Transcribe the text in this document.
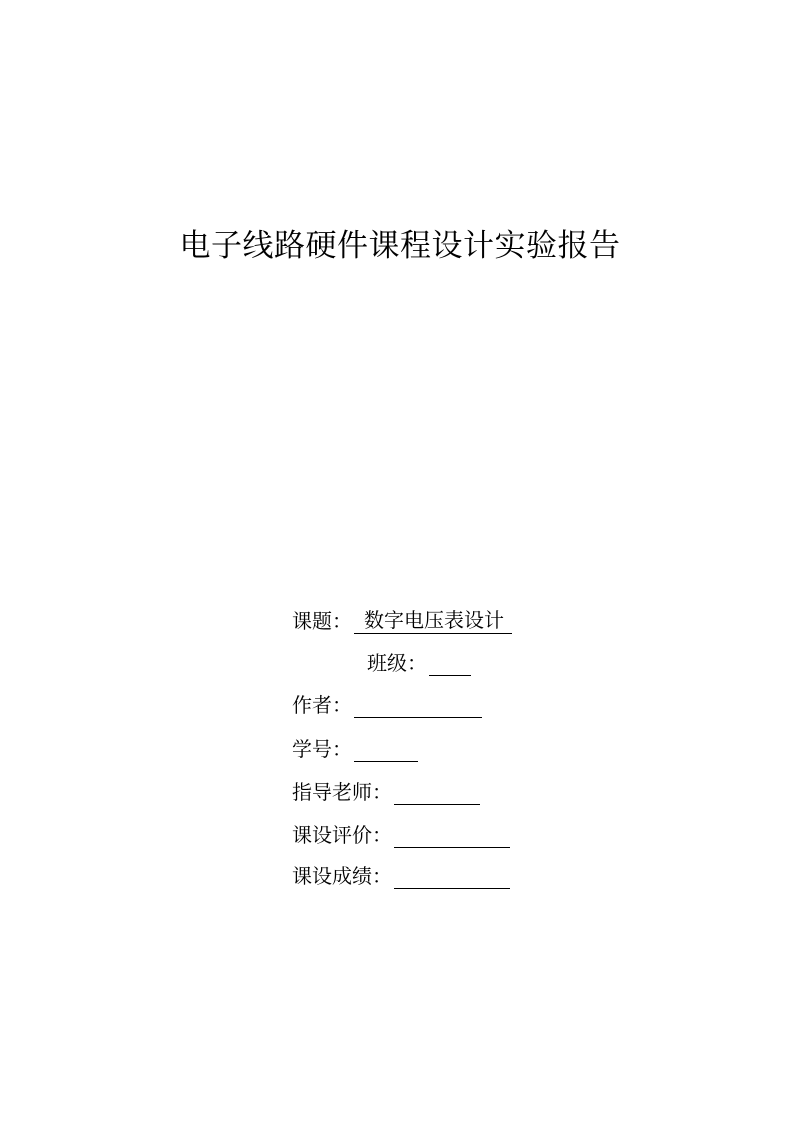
电子线路硬件课程设计实验报告
课题： 数字电压表设计
班级：
作者：
学号：
指导老师：
课设评价：
课设成绩：
